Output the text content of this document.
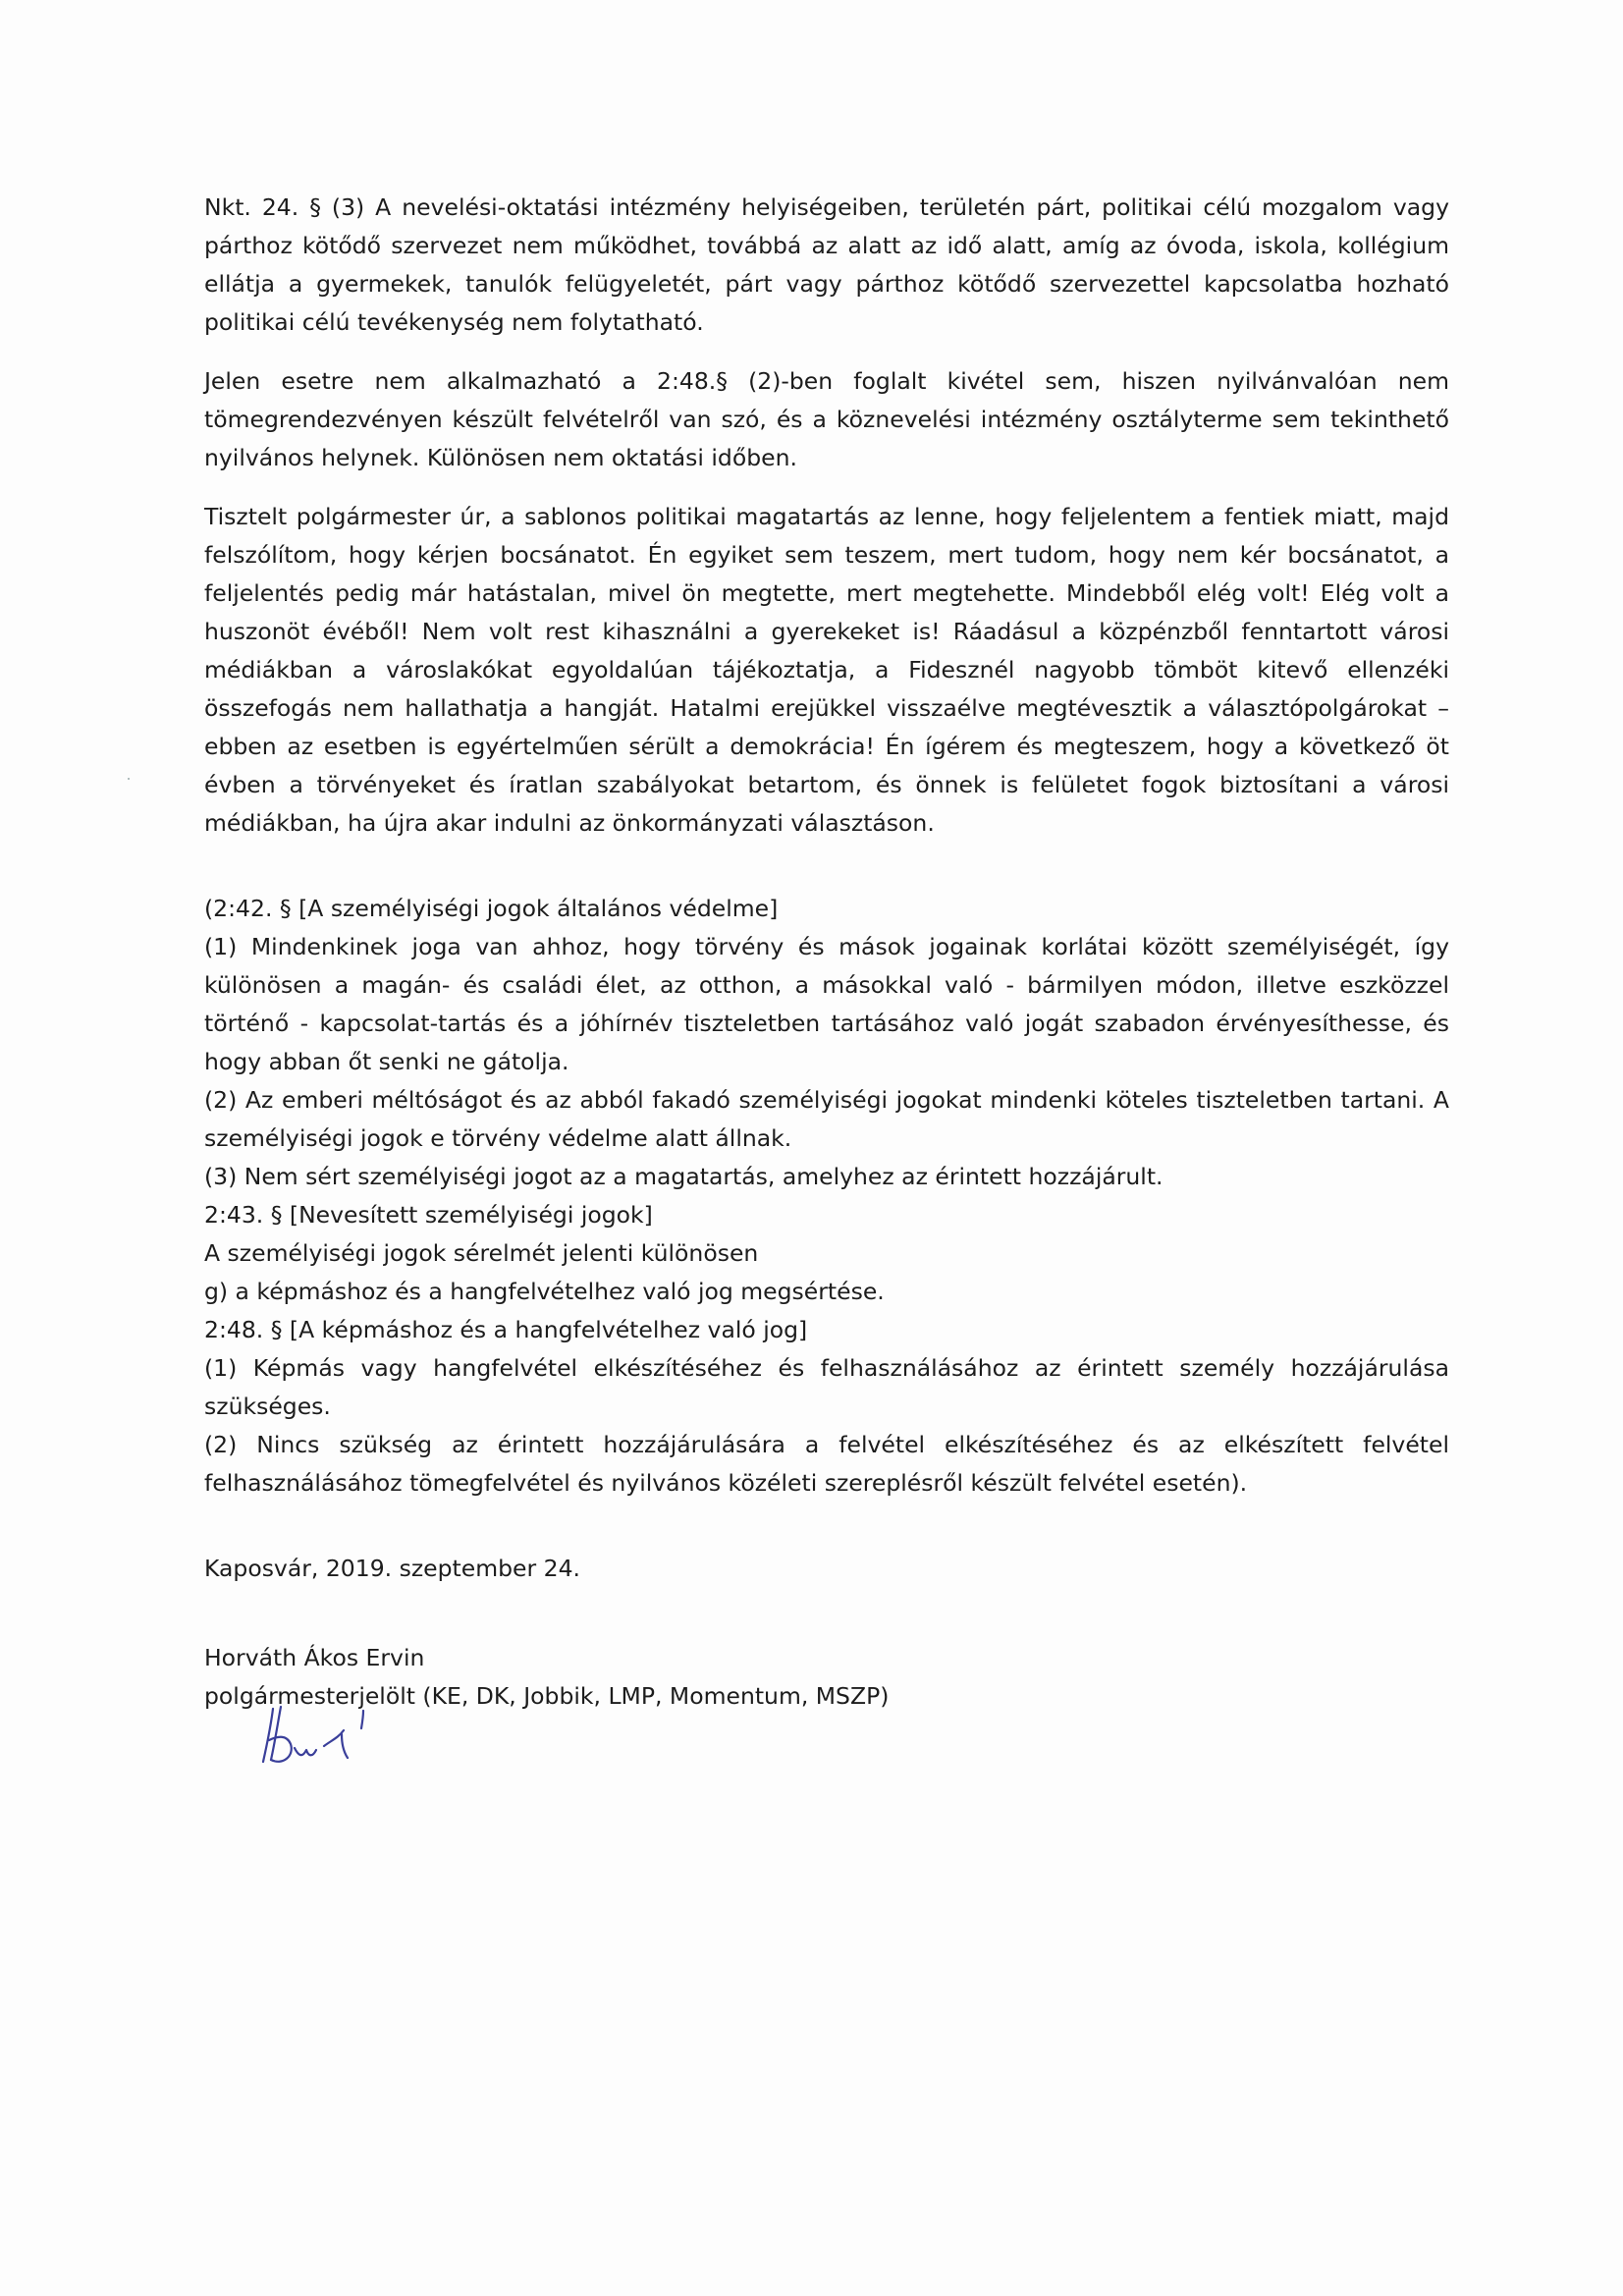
Nkt. 24. § (3) A nevelési-oktatási intézmény helyiségeiben, területén párt, politikai célú mozgalom vagy párthoz kötődő szervezet nem működhet, továbbá az alatt az idő alatt, amíg az óvoda, iskola, kollégium ellátja a gyermekek, tanulók felügyeletét, párt vagy párthoz kötődő szervezettel kapcsolatba hozható politikai célú tevékenység nem folytatható.

Jelen esetre nem alkalmazható a 2:48.§ (2)-ben foglalt kivétel sem, hiszen nyilvánvalóan nem tömegrendezvényen készült felvételről van szó, és a köznevelési intézmény osztályterme sem tekinthető nyilvános helynek. Különösen nem oktatási időben.

Tisztelt polgármester úr, a sablonos politikai magatartás az lenne, hogy feljelentem a fentiek miatt, majd felszólítom, hogy kérjen bocsánatot. Én egyiket sem teszem, mert tudom, hogy nem kér bocsánatot, a feljelentés pedig már hatástalan, mivel ön megtette, mert megtehette. Mindebből elég volt! Elég volt a huszonöt évéből! Nem volt rest kihasználni a gyerekeket is! Ráadásul a közpénzből fenntartott városi médiákban a városlakókat egyoldalúan tájékoztatja, a Fidesznél nagyobb tömböt kitevő ellenzéki összefogás nem hallathatja a hangját. Hatalmi erejükkel visszaélve megtévesztik a választópolgárokat – ebben az esetben is egyértelműen sérült a demokrácia! Én ígérem és megteszem, hogy a következő öt évben a törvényeket és íratlan szabályokat betartom, és önnek is felületet fogok biztosítani a városi médiákban, ha újra akar indulni az önkormányzati választáson.

(2:42. § [A személyiségi jogok általános védelme]

(1) Mindenkinek joga van ahhoz, hogy törvény és mások jogainak korlátai között személyiségét, így különösen a magán- és családi élet, az otthon, a másokkal való - bármilyen módon, illetve eszközzel történő - kapcsolat-tartás és a jóhírnév tiszteletben tartásához való jogát szabadon érvényesíthesse, és hogy abban őt senki ne gátolja.

(2) Az emberi méltóságot és az abból fakadó személyiségi jogokat mindenki köteles tiszteletben tartani. A személyiségi jogok e törvény védelme alatt állnak.

(3) Nem sért személyiségi jogot az a magatartás, amelyhez az érintett hozzájárult.

2:43. § [Nevesített személyiségi jogok]

A személyiségi jogok sérelmét jelenti különösen

g) a képmáshoz és a hangfelvételhez való jog megsértése.

2:48. § [A képmáshoz és a hangfelvételhez való jog]

(1) Képmás vagy hangfelvétel elkészítéséhez és felhasználásához az érintett személy hozzájárulása szükséges.

(2) Nincs szükség az érintett hozzájárulására a felvétel elkészítéséhez és az elkészített felvétel felhasználásához tömegfelvétel és nyilvános közéleti szereplésről készült felvétel esetén).

Kaposvár, 2019. szeptember 24.

Horváth Ákos Ervin

polgármesterjelölt (KE, DK, Jobbik, LMP, Momentum, MSZP)
